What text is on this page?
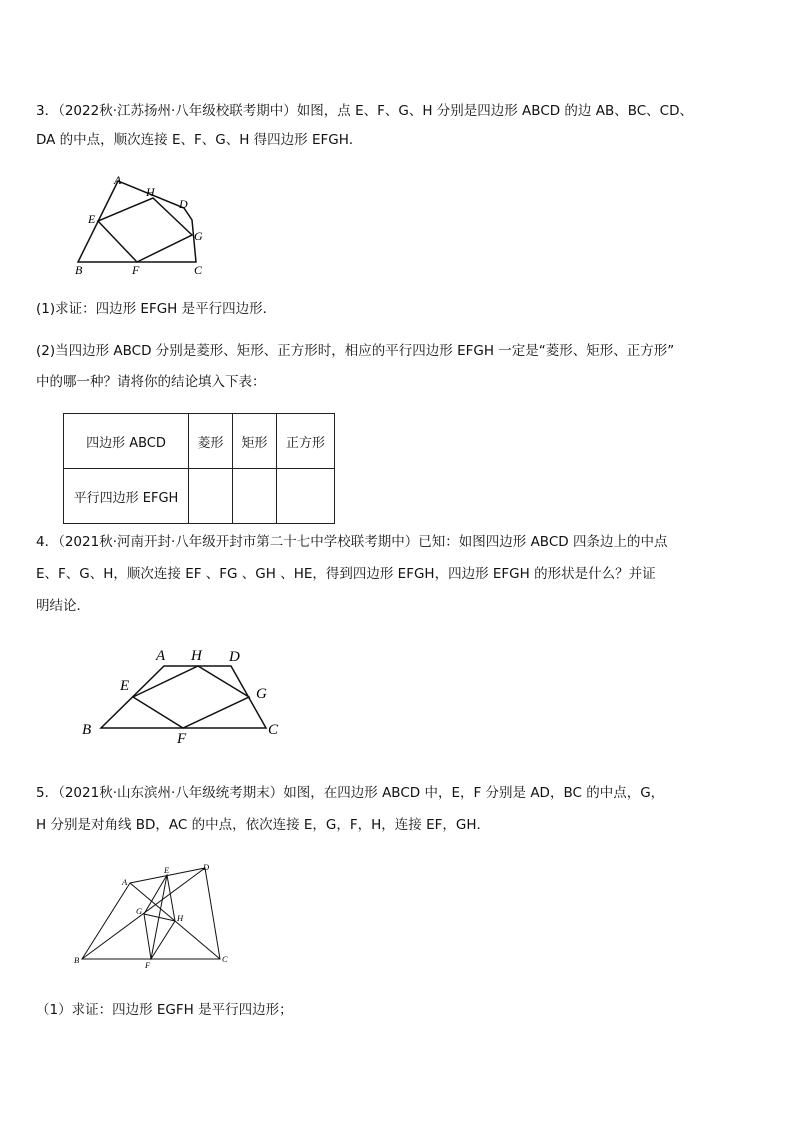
3．（2022秋·江苏扬州·八年级校联考期中）如图，点 E、F、G、H 分别是四边形 ABCD 的边 AB、BC、CD、
DA 的中点，顺次连接 E、F、G、H 得四边形 EFGH．
A
H
D
E
G
B	F	C
(1)求证：四边形 EFGH 是平行四边形．
(2)当四边形 ABCD 分别是菱形、矩形、正方形时，相应的平行四边形 EFGH 一定是“菱形、矩形、正方形”
中的哪一种？请将你的结论填入下表：
四边形 ABCD	菱形	矩形	正方形
平行四边形 EFGH			
4．（2021秋·河南开封·八年级开封市第二十七中学校联考期中）已知：如图四边形 ABCD 四条边上的中点
E、F、G、H，顺次连接 EF 、FG 、GH 、HE，得到四边形 EFGH，四边形 EFGH 的形状是什么？并证
明结论．
A H D
E	G
B
F
C
5．（2021秋·山东滨州·八年级统考期末）如图，在四边形 ABCD 中，E，F 分别是 AD，BC 的中点，G，
H 分别是对角线 BD，AC 的中点，依次连接 E，G，F，H，连接 EF，GH．
A
E	D
G
H
B	F
C
（1）求证：四边形 EGFH 是平行四边形；
